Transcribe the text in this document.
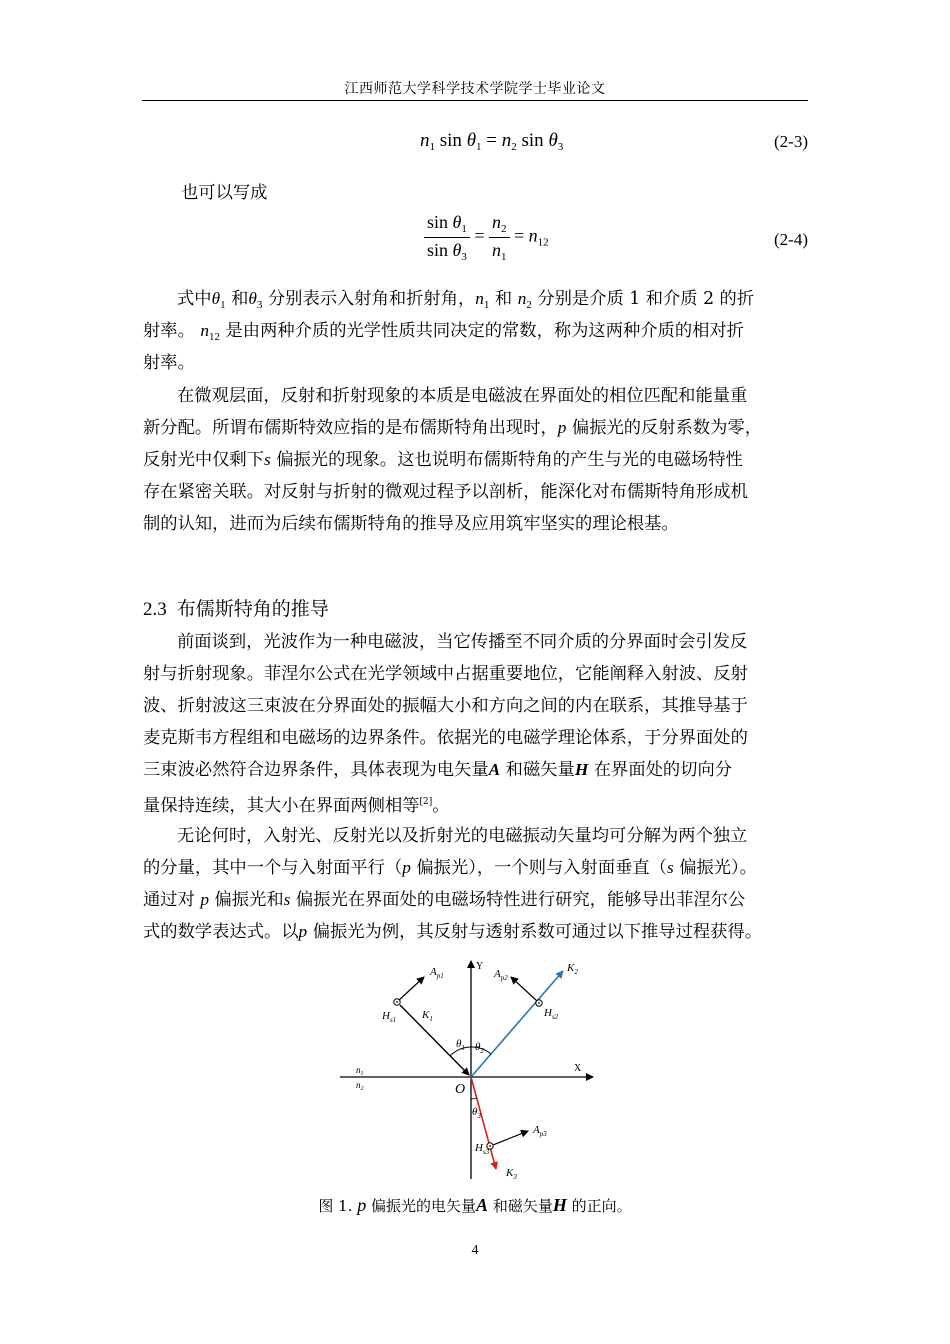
江西师范大学科学技术学院学士毕业论文
$n_1$ $\sin \theta_1 = n_2$ $\sin \theta_3$	(2-3)
也可以写成
$\frac{\sin \theta_1}{\sin \theta_3} = \frac{n_2}{n_1} = n_{12}$	(2-4)
式中$\theta_1$ 和$\theta_3$ 分别表示入射角和折射角，$n_1$ 和 $n_2$ 分别是介质 1 和介质 2 的折
射率。 $n_{12}$ 是由两种介质的光学性质共同决定的常数，称为这两种介质的相对折
射率。
在微观层面，反射和折射现象的本质是电磁波在界面处的相位匹配和能量重
新分配。所谓布儒斯特效应指的是布儒斯特角出现时，p 偏振光的反射系数为零，
反射光中仅剩下s 偏振光的现象。这也说明布儒斯特角的产生与光的电磁场特性
存在紧密关联。对反射与折射的微观过程予以剖析，能深化对布儒斯特角形成机
制的认知，进而为后续布儒斯特角的推导及应用筑牢坚实的理论根基。
2.3 布儒斯特角的推导
前面谈到，光波作为一种电磁波，当它传播至不同介质的分界面时会引发反
射与折射现象。菲涅尔公式在光学领域中占据重要地位，它能阐释入射波、反射
波、折射波这三束波在分界面处的振幅大小和方向之间的内在联系，其推导基于
麦克斯韦方程组和电磁场的边界条件。依据光的电磁学理论体系，于分界面处的
三束波必然符合边界条件，具体表现为电矢量A 和磁矢量H 在界面处的切向分
量保持连续，其大小在界面两侧相等[2]。
无论何时，入射光、反射光以及折射光的电磁振动矢量均可分解为两个独立
的分量，其中一个与入射面平行（p 偏振光），一个则与入射面垂直（s 偏振光）。
通过对 p 偏振光和s 偏振光在界面处的电磁场特性进行研究，能够导出菲涅尔公
式的数学表达式。以p 偏振光为例，其反射与透射系数可通过以下推导过程获得。
Y
X
O
$n_1$
$n_2$
$A_{p1}$
$H_{s1}$ $K_1$
$A_{p2}$
$K_2$
$H_{s2}$
$\theta_1$ $\theta_2$
$\theta_3$
$A_{p3}$
$H_{s3}$
$K_3$
图 1. p 偏振光的电矢量A 和磁矢量H 的正向。
4
